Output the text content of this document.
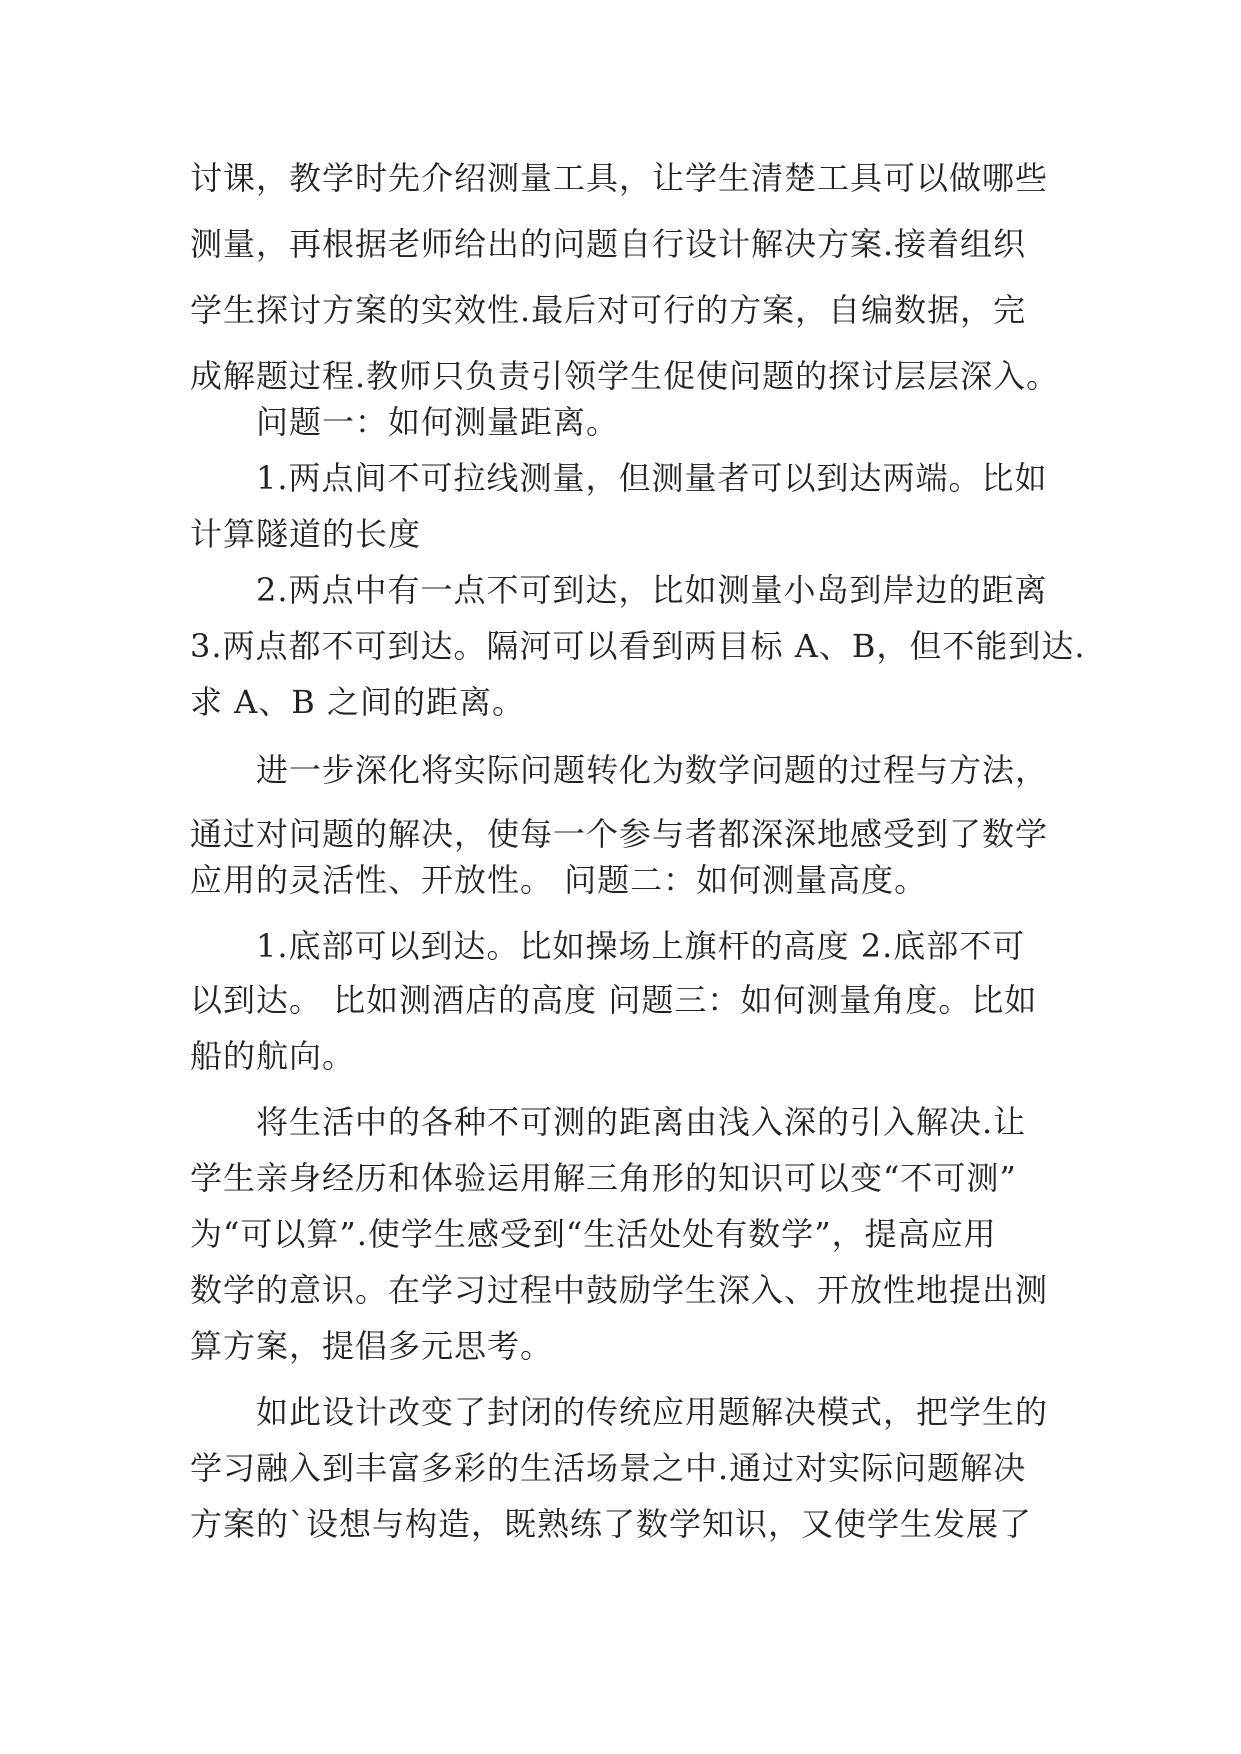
讨课，教学时先介绍测量工具，让学生清楚工具可以做哪些
测量，再根据老师给出的问题自行设计解决方案.接着组织
学生探讨方案的实效性.最后对可行的方案，自编数据，完
成解题过程.教师只负责引领学生促使问题的探讨层层深入。
问题一：如何测量距离。
1.两点间不可拉线测量，但测量者可以到达两端。比如
计算隧道的长度
2.两点中有一点不可到达，比如测量小岛到岸边的距离
3.两点都不可到达。隔河可以看到两目标 A、B，但不能到达.
求 A、B 之间的距离。
进一步深化将实际问题转化为数学问题的过程与方法，
通过对问题的解决，使每一个参与者都深深地感受到了数学
应用的灵活性、开放性。 问题二：如何测量高度。
1.底部可以到达。比如操场上旗杆的高度 2.底部不可
以到达。 比如测酒店的高度 问题三：如何测量角度。比如
船的航向。
将生活中的各种不可测的距离由浅入深的引入解决.让
学生亲身经历和体验运用解三角形的知识可以变“不可测”
为“可以算”.使学生感受到“生活处处有数学”，提高应用
数学的意识。在学习过程中鼓励学生深入、开放性地提出测
算方案，提倡多元思考。
如此设计改变了封闭的传统应用题解决模式，把学生的
学习融入到丰富多彩的生活场景之中.通过对实际问题解决
方案的`设想与构造，既熟练了数学知识，又使学生发展了
